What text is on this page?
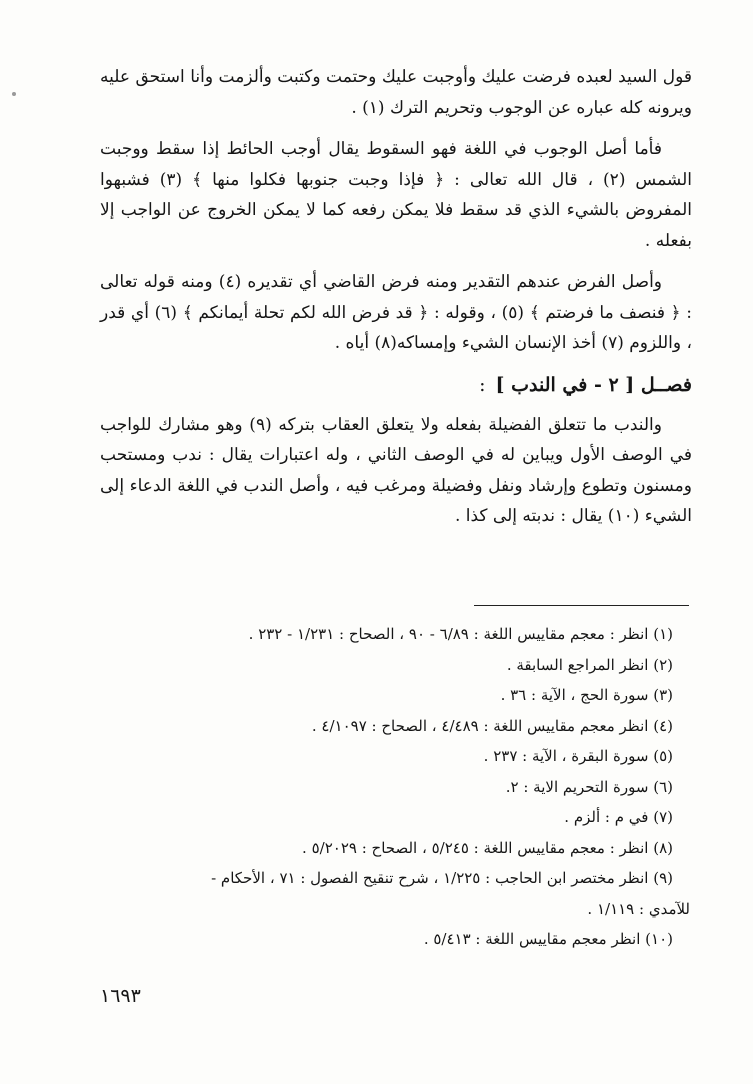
قول السيد لعبده فرضت عليك وأوجبت عليك وحتمت وكتبت وألزمت وأنا استحق عليه ويرونه كله عباره عن الوجوب وتحريم الترك (١) .

فأما أصل الوجوب في اللغة فهو السقوط يقال أوجب الحائط إذا سقط ووجبت الشمس (٢) ، قال الله تعالى : ﴿ فإذا وجبت جنوبها فكلوا منها ﴾ (٣) فشبهوا المفروض بالشيء الذي قد سقط فلا يمكن رفعه كما لا يمكن الخروج عن الواجب إلا بفعله .

وأصل الفرض عندهم التقدير ومنه فرض القاضي أي تقديره (٤) ومنه قوله تعالى : ﴿ فنصف ما فرضتم ﴾ (٥) ، وقوله : ﴿ قد فرض الله لكم تحلة أيمانكم ﴾ (٦) أي قدر ، واللزوم (٧) أخذ الإنسان الشيء وإمساكه(٨) أياه .

فصــل [ ٢ - في الندب ]:

والندب ما تتعلق الفضيلة بفعله ولا يتعلق العقاب بتركه (٩) وهو مشارك للواجب في الوصف الأول ويباين له في الوصف الثاني ، وله اعتبارات يقال : ندب ومستحب ومسنون وتطوع وإرشاد ونفل وفضيلة ومرغب فيه ، وأصل الندب في اللغة الدعاء إلى الشيء (١٠) يقال : ندبته إلى كذا .

(١) انظر : معجم مقاييس اللغة : ٦/٨٩ - ٩٠ ، الصحاح : ١/٢٣١ - ٢٣٢ .

(٢) انظر المراجع السابقة .

(٣) سورة الحج ، الآية : ٣٦ .

(٤) انظر معجم مقاييس اللغة : ٤/٤٨٩ ، الصحاح : ٤/١٠٩٧ .

(٥) سورة البقرة ، الآية : ٢٣٧ .

(٦) سورة التحريم الاية : ٢.

(٧) في م : ألزم .

(٨) انظر : معجم مقاييس اللغة : ٥/٢٤٥ ، الصحاح : ٥/٢٠٢٩ .

(٩) انظر مختصر ابن الحاجب : ١/٢٢٥ ، شرح تنقيح الفصول : ٧١ ، الأحكام -

للآمدي : ١/١١٩ .

(١٠) انظر معجم مقاييس اللغة : ٥/٤١٣ .

١٦٩٣
